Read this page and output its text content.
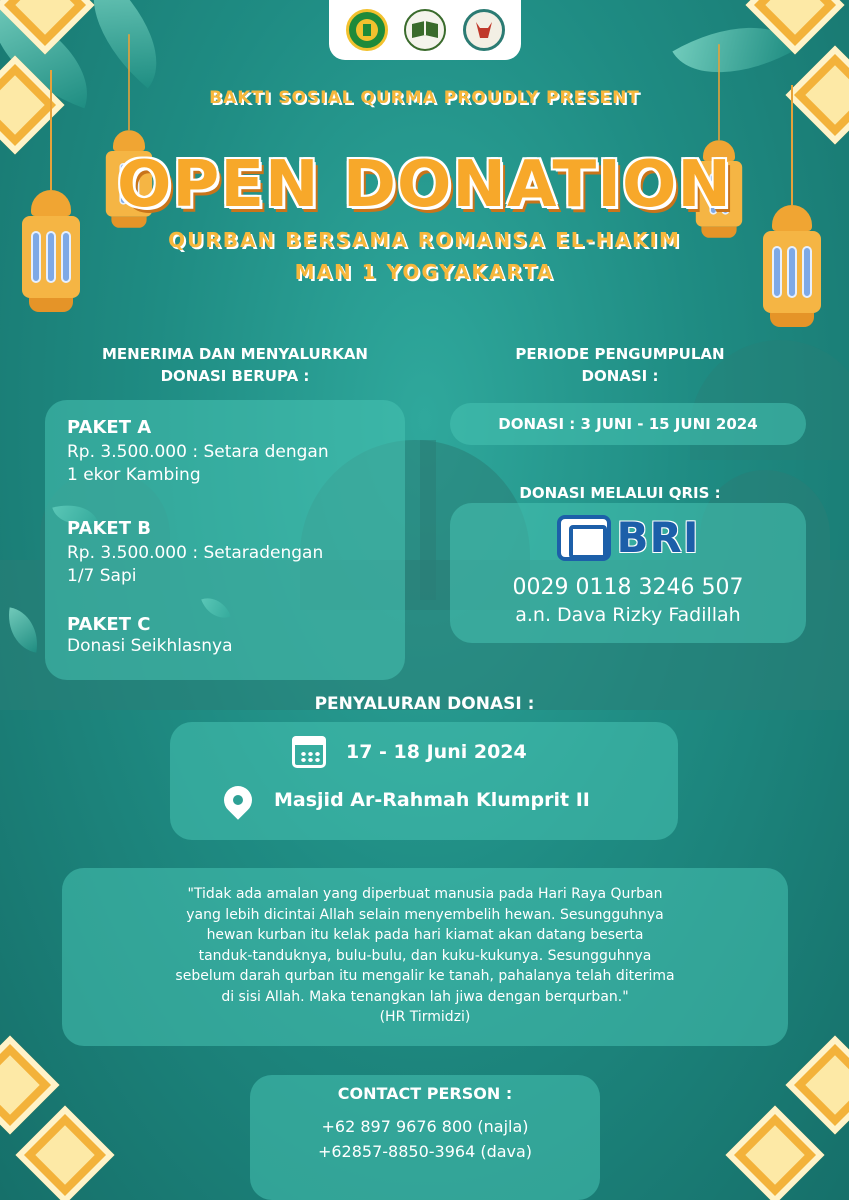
BAKTI SOSIAL QURMA PROUDLY PRESENT
OPEN DONATION
QURBAN BERSAMA ROMANSA EL-HAKIM
MAN 1 YOGYAKARTA
MENERIMA DAN MENYALURKAN
DONASI BERUPA :
PAKET A
Rp. 3.500.000 : Setara dengan
1 ekor Kambing
PAKET B
Rp. 3.500.000 : Setaradengan
1/7 Sapi
PAKET C
Donasi Seikhlasnya
PERIODE PENGUMPULAN
DONASI :
DONASI : 3 JUNI - 15 JUNI 2024
DONASI MELALUI QRIS :
BRI
0029 0118 3246 507
a.n. Dava Rizky Fadillah
PENYALURAN DONASI :
17 - 18 Juni 2024
Masjid Ar-Rahmah Klumprit II
"Tidak ada amalan yang diperbuat manusia pada Hari Raya Qurban
yang lebih dicintai Allah selain menyembelih hewan. Sesungguhnya
hewan kurban itu kelak pada hari kiamat akan datang beserta
tanduk-tanduknya, bulu-bulu, dan kuku-kukunya. Sesungguhnya
sebelum darah qurban itu mengalir ke tanah, pahalanya telah diterima
di sisi Allah. Maka tenangkan lah jiwa dengan berqurban."
(HR Tirmidzi)
CONTACT PERSON :
+62 897 9676 800 (najla)
+62857-8850-3964 (dava)
